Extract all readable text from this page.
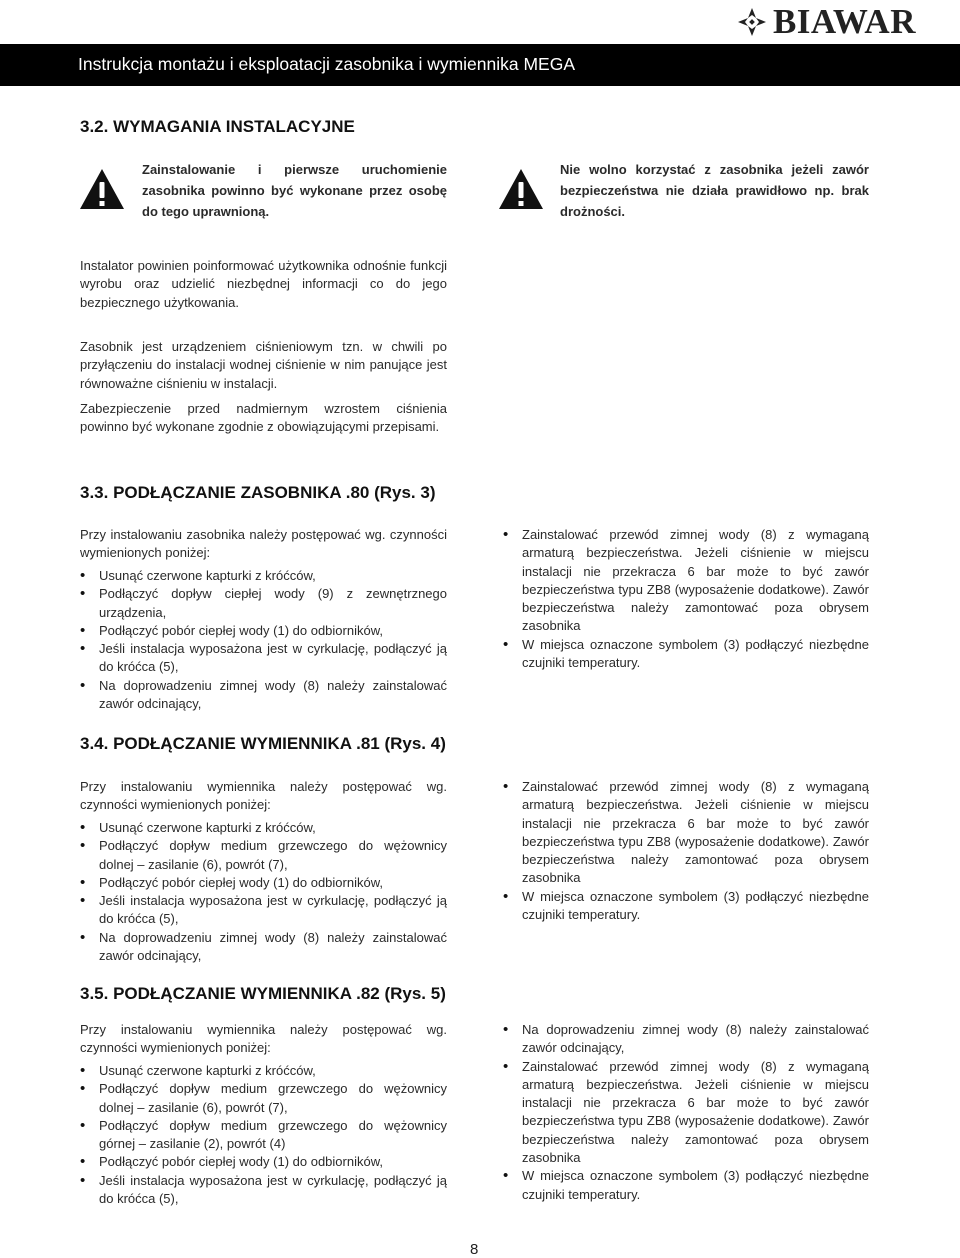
BIAWAR
Instrukcja montażu i eksploatacji zasobnika i wymiennika MEGA
3.2. WYMAGANIA INSTALACYJNE
Zainstalowanie i pierwsze uruchomienie zasobnika powinno być wykonane przez osobę do tego uprawnioną.
Nie wolno korzystać z zasobnika jeżeli zawór bezpieczeństwa nie działa prawidłowo np. brak drożności.

Instalator powinien poinformować użytkownika odnośnie funkcji wyrobu oraz udzielić niezbędnej informacji co do jego bezpiecznego użytkowania.

Zasobnik jest urządzeniem ciśnieniowym tzn. w chwili po przyłączeniu do instalacji wodnej ciśnienie w nim panujące jest równoważne ciśnieniu w instalacji.

Zabezpieczenie przed nadmiernym wzrostem ciśnienia powinno być wykonane zgodnie z obowiązującymi przepisami.

3.3. PODŁĄCZANIE ZASOBNIKA .80 (Rys. 3)

Przy instalowaniu zasobnika należy postępować wg. czynności wymienionych poniżej:

• Usunąć czerwone kapturki z króćców,
• Podłączyć dopływ ciepłej wody (9) z zewnętrznego urządzenia,
• Podłączyć pobór ciepłej wody (1) do odbiorników,
• Jeśli instalacja wyposażona jest w cyrkulację, podłączyć ją do króćca (5),
• Na doprowadzeniu zimnej wody (8) należy zainstalować zawór odcinający,
• Zainstalować przewód zimnej wody (8) z wymaganą armaturą bezpieczeństwa. Jeżeli ciśnienie w miejscu instalacji nie przekracza 6 bar może to być zawór bezpieczeństwa typu ZB8 (wyposażenie dodatkowe). Zawór bezpieczeństwa należy zamontować poza obrysem zasobnika
• W miejsca oznaczone symbolem (3) podłączyć niezbędne czujniki temperatury.
3.4. PODŁĄCZANIE WYMIENNIKA .81 (Rys. 4)

Przy instalowaniu wymiennika należy postępować wg. czynności wymienionych poniżej:

• Usunąć czerwone kapturki z króćców,
• Podłączyć dopływ medium grzewczego do wężownicy dolnej – zasilanie (6), powrót (7),
• Podłączyć pobór ciepłej wody (1) do odbiorników,
• Jeśli instalacja wyposażona jest w cyrkulację, podłączyć ją do króćca (5),
• Na doprowadzeniu zimnej wody (8) należy zainstalować zawór odcinający,
• Zainstalować przewód zimnej wody (8) z wymaganą armaturą bezpieczeństwa. Jeżeli ciśnienie w miejscu instalacji nie przekracza 6 bar może to być zawór bezpieczeństwa typu ZB8 (wyposażenie dodatkowe). Zawór bezpieczeństwa należy zamontować poza obrysem zasobnika
• W miejsca oznaczone symbolem (3) podłączyć niezbędne czujniki temperatury.
3.5. PODŁĄCZANIE WYMIENNIKA .82 (Rys. 5)

Przy instalowaniu wymiennika należy postępować wg. czynności wymienionych poniżej:

• Usunąć czerwone kapturki z króćców,
• Podłączyć dopływ medium grzewczego do wężownicy dolnej – zasilanie (6), powrót (7),
• Podłączyć dopływ medium grzewczego do wężownicy górnej – zasilanie (2), powrót (4)
• Podłączyć pobór ciepłej wody (1) do odbiorników,
• Jeśli instalacja wyposażona jest w cyrkulację, podłączyć ją do króćca (5),
• Na doprowadzeniu zimnej wody (8) należy zainstalować zawór odcinający,
• Zainstalować przewód zimnej wody (8) z wymaganą armaturą bezpieczeństwa. Jeżeli ciśnienie w miejscu instalacji nie przekracza 6 bar może to być zawór bezpieczeństwa typu ZB8 (wyposażenie dodatkowe). Zawór bezpieczeństwa należy zamontować poza obrysem zasobnika
• W miejsca oznaczone symbolem (3) podłączyć niezbędne czujniki temperatury.
8
